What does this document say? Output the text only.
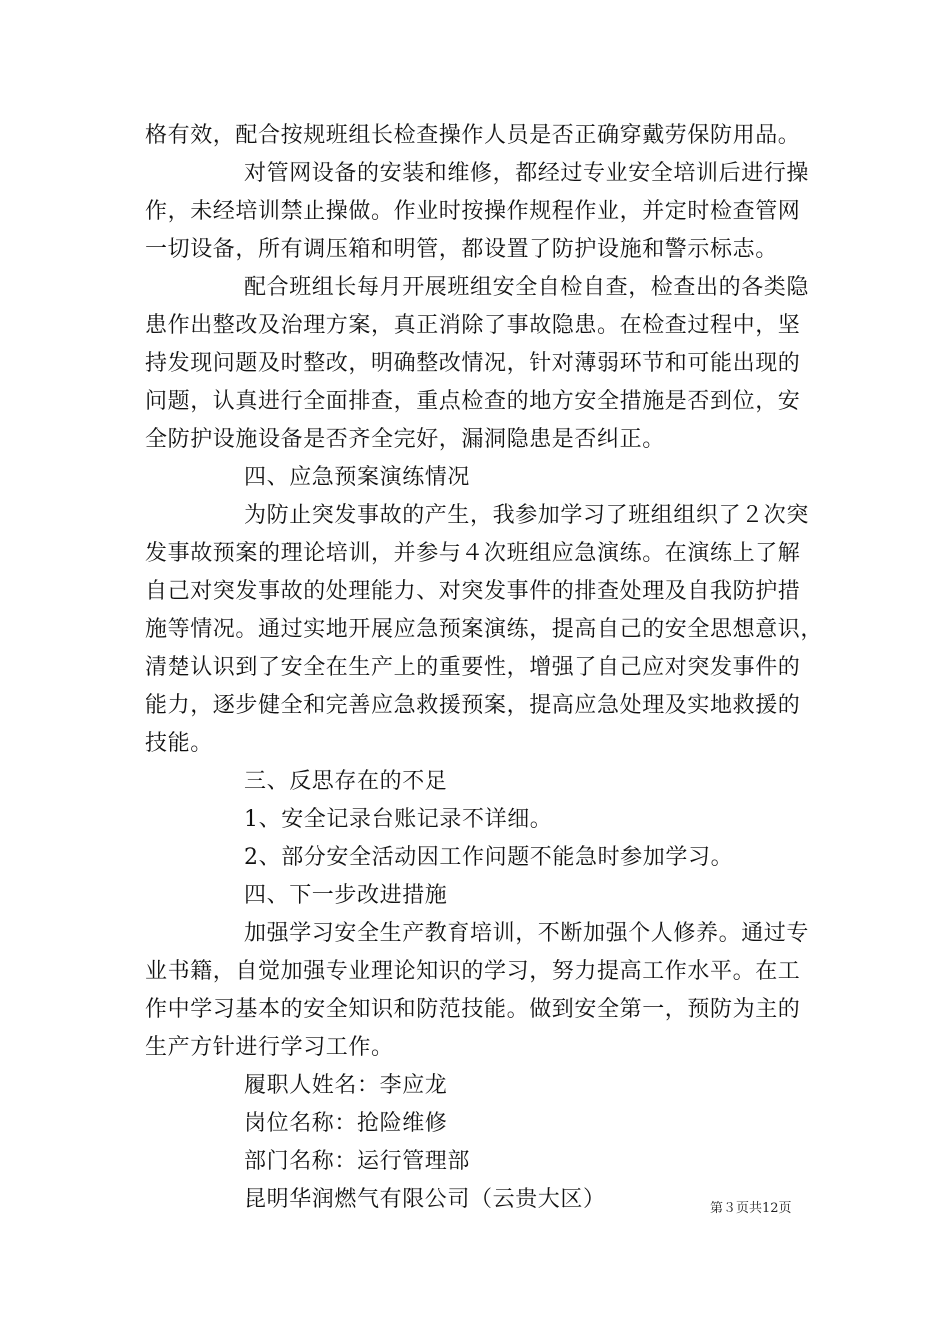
格有效，配合按规班组长检查操作人员是否正确穿戴劳保防用品。
对管网设备的安装和维修，都经过专业安全培训后进行操
作，未经培训禁止操做。作业时按操作规程作业，并定时检查管网
一切设备，所有调压箱和明管，都设置了防护设施和警示标志。
配合班组长每月开展班组安全自检自查，检查出的各类隐
患作出整改及治理方案，真正消除了事故隐患。在检查过程中，坚
持发现问题及时整改，明确整改情况，针对薄弱环节和可能出现的
问题，认真进行全面排查，重点检查的地方安全措施是否到位，安
全防护设施设备是否齐全完好，漏洞隐患是否纠正。
四、应急预案演练情况
为防止突发事故的产生，我参加学习了班组组织了２次突
发事故预案的理论培训，并参与４次班组应急演练。在演练上了解
自己对突发事故的处理能力、对突发事件的排查处理及自我防护措
施等情况。通过实地开展应急预案演练，提高自己的安全思想意识，
清楚认识到了安全在生产上的重要性，增强了自己应对突发事件的
能力，逐步健全和完善应急救援预案，提高应急处理及实地救援的
技能。
三、反思存在的不足
1、安全记录台账记录不详细。
2、部分安全活动因工作问题不能急时参加学习。
四、下一步改进措施
加强学习安全生产教育培训，不断加强个人修养。通过专
业书籍，自觉加强专业理论知识的学习，努力提高工作水平。在工
作中学习基本的安全知识和防范技能。做到安全第一，预防为主的
生产方针进行学习工作。
履职人姓名：李应龙
岗位名称：抢险维修
部门名称：运行管理部
昆明华润燃气有限公司（云贵大区）	第３页共12页
